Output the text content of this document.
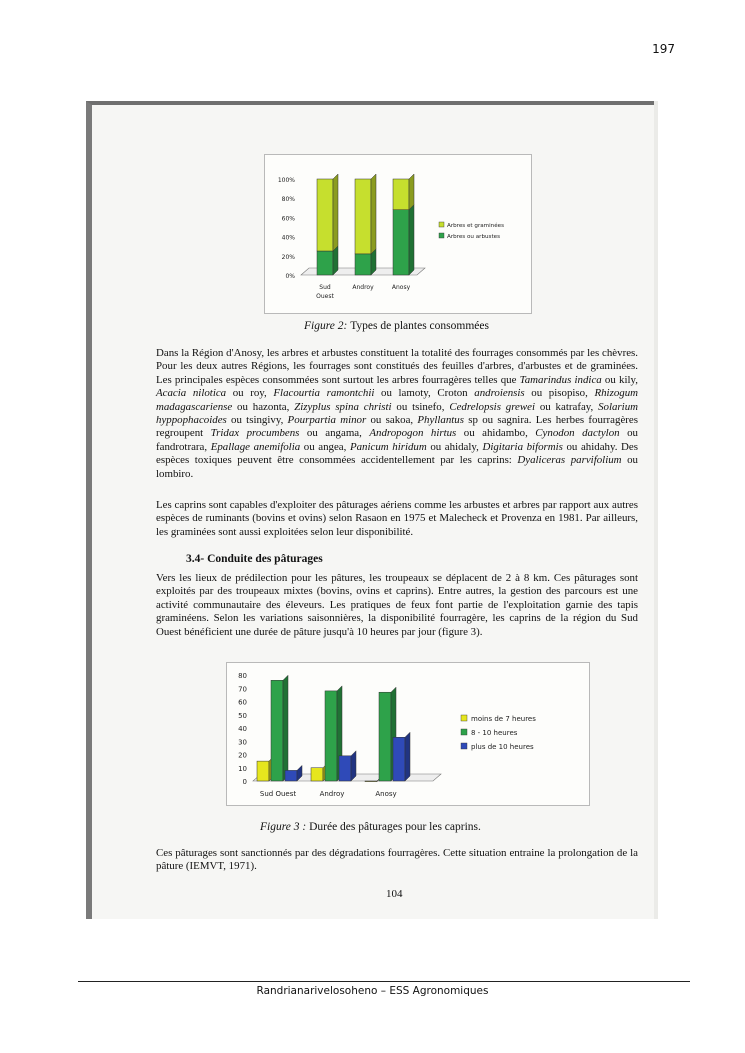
197
0%
20%
40%
60%
80%
100%
Sud
Ouest
Androy	Anosy
Arbres et graminées
Arbres ou arbustes
Figure 2: Types de plantes consommées

Dans la Région d'Anosy, les arbres et arbustes constituent la totalité des fourrages consommés par les chèvres. Pour les deux autres Régions, les fourrages sont constitués des feuilles d'arbres, d'arbustes et de graminées. Les principales espèces consommées sont surtout les arbres fourragères telles que Tamarindus indica ou kily, Acacia nilotica ou roy, Flacourtia ramontchii ou lamoty, Croton androiensis ou pisopiso, Rhizogum madagascariense ou hazonta, Zizyplus spina christi ou tsinefo, Cedrelopsis grewei ou katrafay, Solarium hyppophacoides ou tsingivy, Pourpartia minor ou sakoa, Phyllantus sp ou sagnira. Les herbes fourragères regroupent Tridax procumbens ou angama, Andropogon hirtus ou ahidambo, Cynodon dactylon ou fandrotrara, Epallage anemifolia ou angea, Panicum hiridum ou ahidaly, Digitaria biformis ou ahidahy. Des espèces toxiques peuvent être consommées accidentellement par les caprins: Dyaliceras parvifolium ou lombiro.

Les caprins sont capables d'exploiter des pâturages aériens comme les arbustes et arbres par rapport aux autres espèces de ruminants (bovins et ovins) selon Rasaon en 1975 et Malecheck et Provenza en 1981. Par ailleurs, les graminées sont aussi exploitées selon leur disponibilité.

3.4- Conduite des pâturages

Vers les lieux de prédilection pour les pâtures, les troupeaux se déplacent de 2 à 8 km. Ces pâturages sont exploités par des troupeaux mixtes (bovins, ovins et caprins). Entre autres, la gestion des parcours est une activité communautaire des éleveurs. Les pratiques de feux font partie de l'exploitation garnie des tapis graminéens. Selon les variations saisonnières, la disponibilité fourragère, les caprins de la région du Sud Ouest bénéficient une durée de pâture jusqu'à 10 heures par jour (figure 3).

0
10
20
30
40
50
60
70
80
Sud Ouest	Androy	Anosy
moins de 7 heures
8 - 10 heures
plus de 10 heures
Figure 3 : Durée des pâturages pour les caprins.

Ces pâturages sont sanctionnés par des dégradations fourragères. Cette situation entraine la prolongation de la pâture (IEMVT, 1971).

104
Randrianarivelosoheno – ESS Agronomiques
